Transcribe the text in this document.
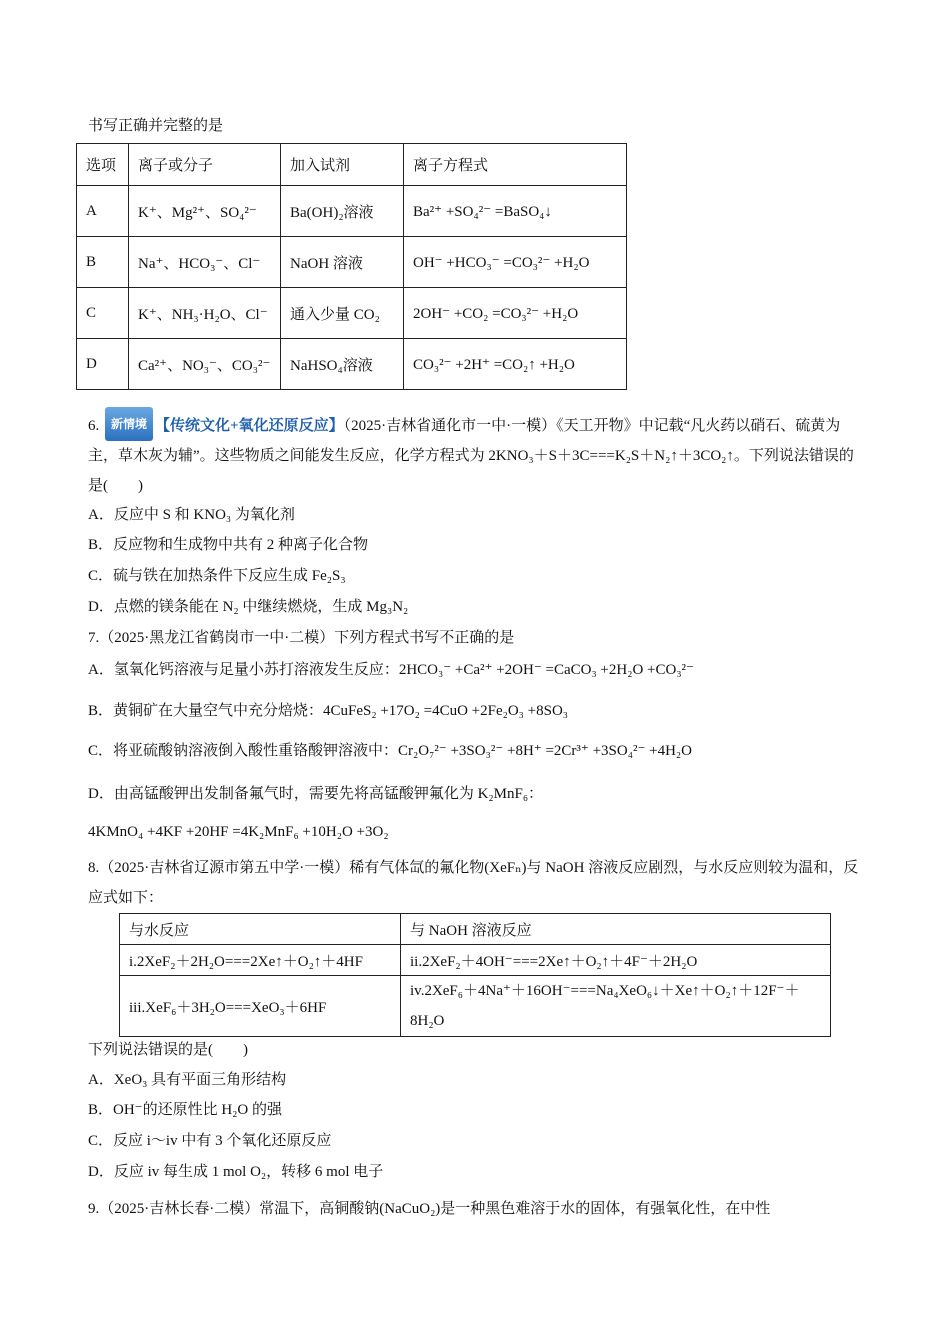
书写正确并完整的是
选项	离子或分子	加入试剂	离子方程式
A	K⁺、Mg²⁺、SO₄²⁻	Ba(OH)₂溶液	Ba²⁺ +SO₄²⁻ =BaSO₄↓
B	Na⁺、HCO₃⁻、Cl⁻	NaOH 溶液	OH⁻ +HCO₃⁻ =CO₃²⁻ +H₂O
C	K⁺、NH₃·H₂O、Cl⁻	通入少量 CO₂	2OH⁻ +CO₂ =CO₃²⁻ +H₂O
D	Ca²⁺、NO₃⁻、CO₃²⁻	NaHSO₄溶液	CO₃²⁻ +2H⁺ =CO₂↑ +H₂O
6. 新情境 【传统文化+氧化还原反应】（2025·吉林省通化市一中·一模）《天工开物》中记载“凡火药以硝石、硫黄为主，草木灰为辅”。这些物质之间能发生反应，化学方程式为 2KNO₃＋S＋3C===K₂S＋N₂↑＋3CO₂↑。下列说法错误的是(　　)
A．反应中 S 和 KNO₃ 为氧化剂
B．反应物和生成物中共有 2 种离子化合物
C．硫与铁在加热条件下反应生成 Fe₂S₃
D．点燃的镁条能在 N₂ 中继续燃烧，生成 Mg₃N₂
7.（2025·黑龙江省鹤岗市一中·二模）下列方程式书写不正确的是
A．氢氧化钙溶液与足量小苏打溶液发生反应：2HCO₃⁻ +Ca²⁺ +2OH⁻ =CaCO₃ +2H₂O +CO₃²⁻
B．黄铜矿在大量空气中充分焙烧：4CuFeS₂ +17O₂ =4CuO +2Fe₂O₃ +8SO₃
C．将亚硫酸钠溶液倒入酸性重铬酸钾溶液中：Cr₂O₇²⁻ +3SO₃²⁻ +8H⁺ =2Cr³⁺ +3SO₄²⁻ +4H₂O
D．由高锰酸钾出发制备氟气时，需要先将高锰酸钾氟化为 K₂MnF₆：
4KMnO₄ +4KF +20HF =4K₂MnF₆ +10H₂O +3O₂
8.（2025·吉林省辽源市第五中学·一模）稀有气体氙的氟化物(XeFₙ)与 NaOH 溶液反应剧烈，与水反应则较为温和，反应式如下：
与水反应	与 NaOH 溶液反应
i.2XeF₂＋2H₂O===2Xe↑＋O₂↑＋4HF	ii.2XeF₂＋4OH⁻===2Xe↑＋O₂↑＋4F⁻＋2H₂O
iii.XeF₆＋3H₂O===XeO₃＋6HF	iv.2XeF₆＋4Na⁺＋16OH⁻===Na₄XeO₆↓＋Xe↑＋O₂↑＋12F⁻＋8H₂O
下列说法错误的是(　　)
A．XeO₃ 具有平面三角形结构
B．OH⁻的还原性比 H₂O 的强
C．反应 i～iv 中有 3 个氧化还原反应
D．反应 iv 每生成 1 mol O₂，转移 6 mol 电子
9.（2025·吉林长春·二模）常温下，高铜酸钠(NaCuO₂)是一种黑色难溶于水的固体，有强氧化性，在中性
